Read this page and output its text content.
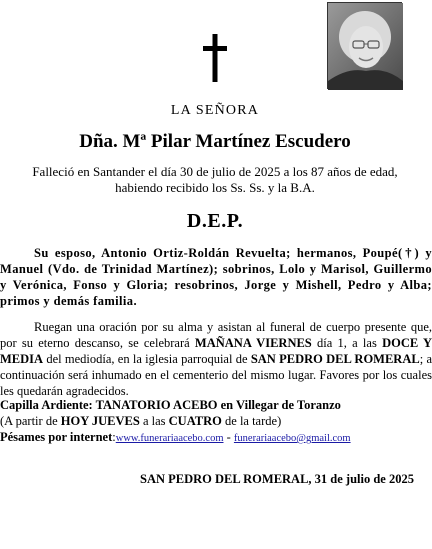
LA SEÑORA
Dña. Mª Pilar Martínez Escudero
Falleció en Santander el día 30 de julio de 2025 a los 87 años de edad,
habiendo recibido los Ss. Ss. y la B.A.
D.E.P.

Su esposo, Antonio Ortiz-Roldán Revuelta; hermanos, Poupé(†) y Manuel (Vdo. de Trinidad Martínez); sobrinos, Lolo y Marisol, Guillermo y Verónica, Fonso y Gloria; resobrinos, Jorge y Mishell, Pedro y Alba; primos y demás familia.

Ruegan una oración por su alma y asistan al funeral de cuerpo presente que, por su eterno descanso, se celebrará MAÑANA VIERNES día 1, a las DOCE Y MEDIA del mediodía, en la iglesia parroquial de SAN PEDRO DEL ROMERAL; a continuación será inhumado en el cementerio del mismo lugar. Favores por los cuales les quedarán agradecidos.

Capilla Ardiente: TANATORIO ACEBO en Villegar de Toranzo
(A partir de HOY JUEVES a las CUATRO de la tarde)
Pésames por internet:www.funerariaacebo.com - funerariaacebo@gmail.com
SAN PEDRO DEL ROMERAL, 31 de julio de 2025
